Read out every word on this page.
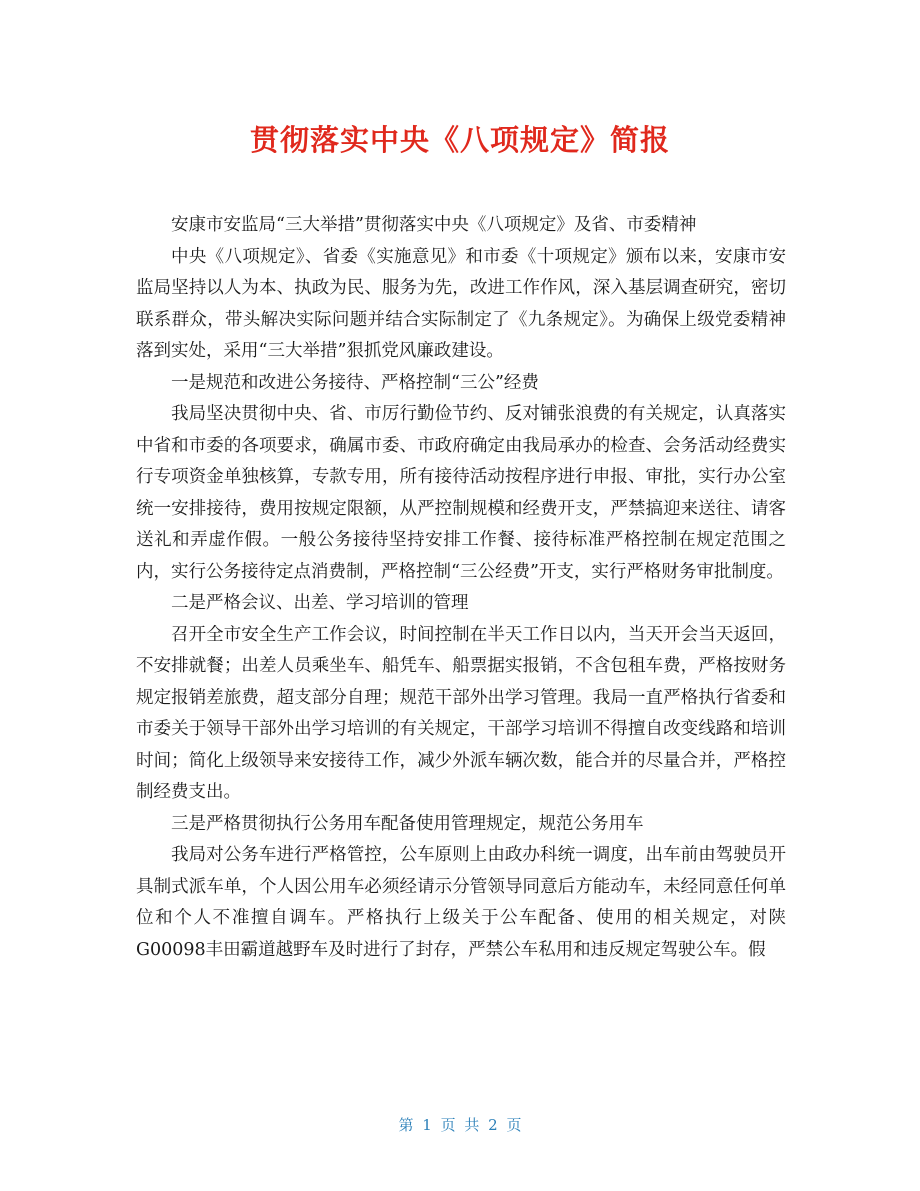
贯彻落实中央《八项规定》简报

安康市安监局“三大举措”贯彻落实中央《八项规定》及省、市委精神

中央《八项规定》、省委《实施意见》和市委《十项规定》颁布以来，安康市安监局坚持以人为本、执政为民、服务为先，改进工作作风，深入基层调查研究，密切联系群众，带头解决实际问题并结合实际制定了《九条规定》。为确保上级党委精神落到实处，采用“三大举措”狠抓党风廉政建设。

一是规范和改进公务接待、严格控制“三公”经费

我局坚决贯彻中央、省、市厉行勤俭节约、反对铺张浪费的有关规定，认真落实中省和市委的各项要求，确属市委、市政府确定由我局承办的检查、会务活动经费实行专项资金单独核算，专款专用，所有接待活动按程序进行申报、审批，实行办公室统一安排接待，费用按规定限额，从严控制规模和经费开支，严禁搞迎来送往、请客送礼和弄虚作假。一般公务接待坚持安排工作餐、接待标准严格控制在规定范围之内，实行公务接待定点消费制，严格控制“三公经费”开支，实行严格财务审批制度。

二是严格会议、出差、学习培训的管理

召开全市安全生产工作会议，时间控制在半天工作日以内，当天开会当天返回，不安排就餐；出差人员乘坐车、船凭车、船票据实报销，不含包租车费，严格按财务规定报销差旅费，超支部分自理；规范干部外出学习管理。我局一直严格执行省委和市委关于领导干部外出学习培训的有关规定，干部学习培训不得擅自改变线路和培训时间；简化上级领导来安接待工作，减少外派车辆次数，能合并的尽量合并，严格控制经费支出。

三是严格贯彻执行公务用车配备使用管理规定，规范公务用车

我局对公务车进行严格管控，公车原则上由政办科统一调度，出车前由驾驶员开具制式派车单，个人因公用车必须经请示分管领导同意后方能动车，未经同意任何单位和个人不准擅自调车。严格执行上级关于公车配备、使用的相关规定，对陕G00098丰田霸道越野车及时进行了封存，严禁公车私用和违反规定驾驶公车。假

第 1 页 共 2 页
